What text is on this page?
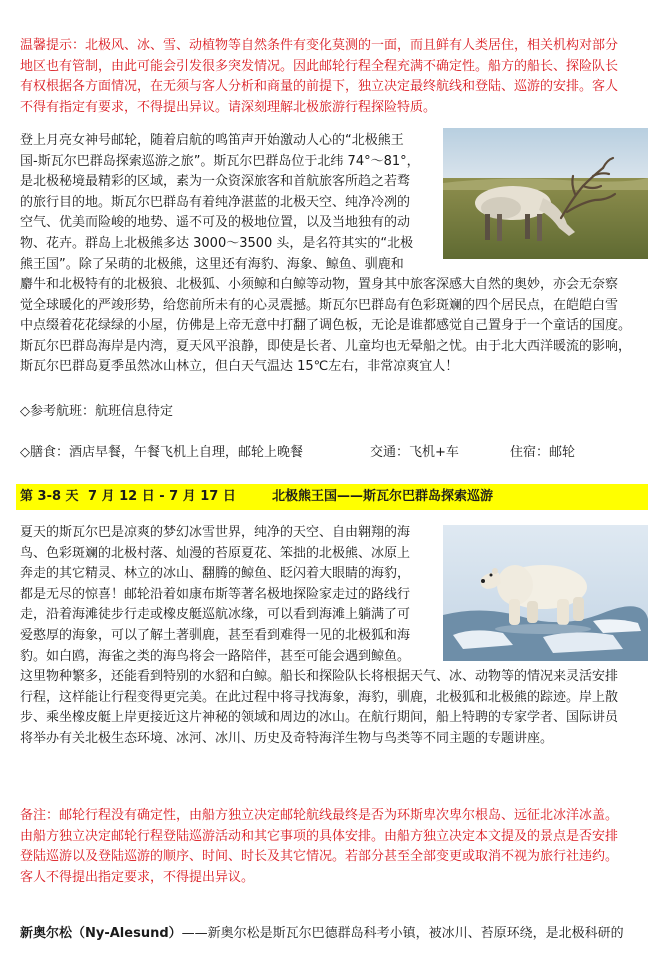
温馨提示：北极风、冰、雪、动植物等自然条件有变化莫测的一面，而且鲜有人类居住，相关机构对部分
地区也有管制，由此可能会引发很多突发情况。因此邮轮行程全程充满不确定性。船方的船长、探险队长
有权根据各方面情况，在无须与客人分析和商量的前提下，独立决定最终航线和登陆、巡游的安排。客人
不得有指定有要求，不得提出异议。请深刻理解北极旅游行程探险特质。

登上月亮女神号邮轮，随着启航的鸣笛声开始激动人心的“北极熊王
国-斯瓦尔巴群岛探索巡游之旅”。斯瓦尔巴群岛位于北纬 74°～81°，
是北极秘境最精彩的区域，素为一众资深旅客和首航旅客所趋之若骛
的旅行目的地。斯瓦尔巴群岛有着纯净湛蓝的北极天空、纯净冷冽的
空气、优美而险峻的地势、遥不可及的极地位置，以及当地独有的动
物、花卉。群岛上北极熊多达 3000～3500 头，是名符其实的“北极
熊王国”。除了呆萌的北极熊，这里还有海豹、海象、鲸鱼、驯鹿和

麝牛和北极特有的北极狼、北极狐、小须鲸和白鲸等动物，置身其中旅客深感大自然的奥妙，亦会无奈察
觉全球暖化的严竣形势，给您前所未有的心灵震撼。斯瓦尔巴群岛有色彩斑斓的四个居民点，在皑皑白雪
中点缀着花花绿绿的小屋，仿佛是上帝无意中打翻了调色板，无论是谁都感觉自己置身于一个童话的国度。
斯瓦尔巴群岛海岸是内湾，夏天风平浪静，即使是长者、儿童均也无晕船之忧。由于北大西洋暖流的影响，
斯瓦尔巴群岛夏季虽然冰山林立，但白天气温达 15℃左右，非常凉爽宜人！

◇参考航班：航班信息待定
◇膳食：酒店早餐，午餐飞机上自理，邮轮上晚餐	交通：飞机+车	住宿：邮轮
第 3-8 天 7 月 12 日 - 7 月 17 日	北极熊王国——斯瓦尔巴群岛探索巡游

夏天的斯瓦尔巴是凉爽的梦幻冰雪世界，纯净的天空、自由翱翔的海
鸟、色彩斑斓的北极村落、灿漫的苔原夏花、笨拙的北极熊、冰原上
奔走的其它精灵、林立的冰山、翻腾的鲸鱼、眨闪着大眼睛的海豹，
都是无尽的惊喜！邮轮沿着如康布斯等著名极地探险家走过的路线行
走，沿着海滩徒步行走或橡皮艇巡航冰缘，可以看到海滩上躺满了可
爱憨厚的海象，可以了解土著驯鹿，甚至看到难得一见的北极狐和海
豹。如白鸥，海雀之类的海鸟将会一路陪伴，甚至可能会遇到鲸鱼。

这里物种繁多，还能看到特别的水貂和白鲸。船长和探险队长将根据天气、冰、动物等的情况来灵活安排
行程，这样能让行程变得更完美。在此过程中将寻找海象，海豹，驯鹿，北极狐和北极熊的踪迹。岸上散
步、乘坐橡皮艇上岸更接近这片神秘的领域和周边的冰山。在航行期间，船上特聘的专家学者、国际讲员
将举办有关北极生态环境、冰河、冰川、历史及奇特海洋生物与鸟类等不同主题的专题讲座。

备注：邮轮行程没有确定性，由船方独立决定邮轮航线最终是否为环斯卑次卑尔根岛、远征北冰洋冰盖。
由船方独立决定邮轮行程登陆巡游活动和其它事项的具体安排。由船方独立决定本文提及的景点是否安排
登陆巡游以及登陆巡游的顺序、时间、时长及其它情况。若部分甚至全部变更或取消不视为旅行社违约。
客人不得提出指定要求，不得提出异议。

新奥尔松（Ny-Alesund）——新奥尔松是斯瓦尔巴德群岛科考小镇，被冰川、苔原环绕，是北极科研的
